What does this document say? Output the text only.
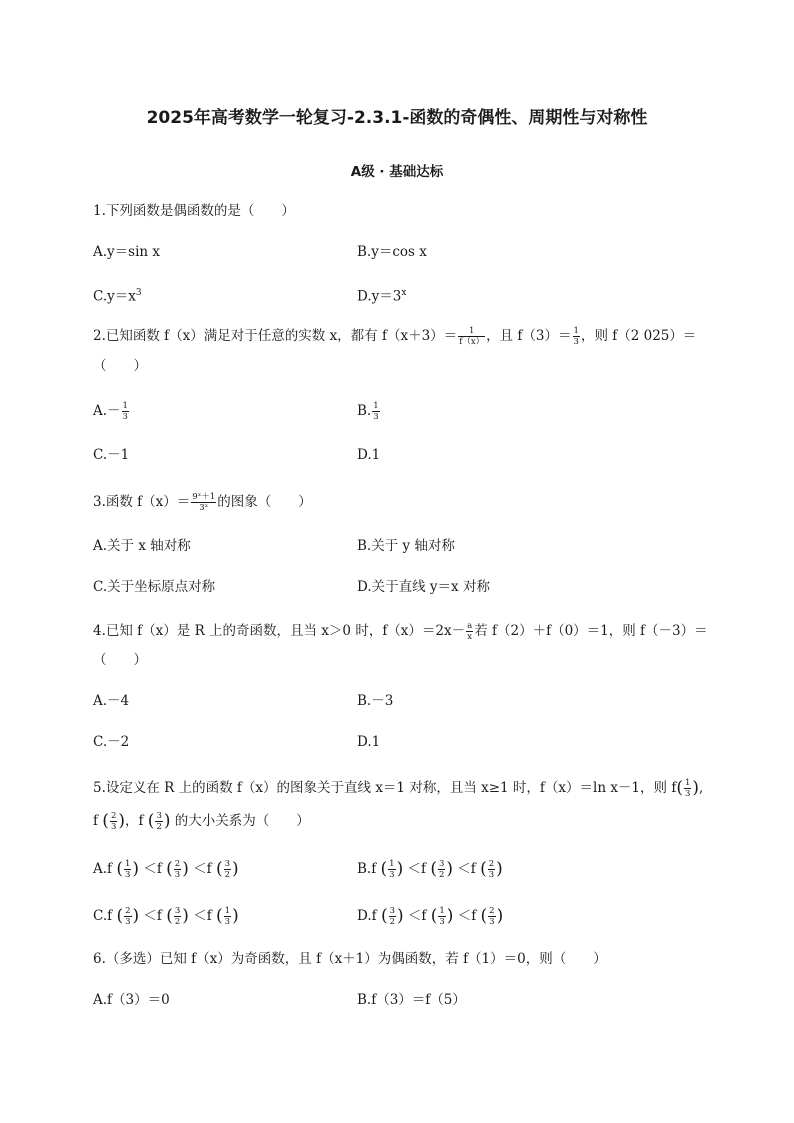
2025年高考数学一轮复习-2.3.1-函数的奇偶性、周期性与对称性
A级 · 基础达标
1.下列函数是偶函数的是（　　）
A.y＝sin x	B.y＝cos x
$C.y=x^3$	$D.y=3^x$
2.已知函数 f（x）满足对于任意的实数 x，都有 $f(x+3)= \frac{1}{f(x)}$ ，且 $f(3)= \frac{1}{3}$ ，则 f（2 025）＝
（　　）
$A.- \frac{1}{3}$	B. $\frac{1}{3}$
C.－1	D.1
3.函数 $f(x)= \frac{\text{9ˣ＋1}}{\text{3ˣ}}$ 的图象（　　）
A.关于 x 轴对称	B.关于 y 轴对称
C.关于坐标原点对称	D.关于直线 y＝x 对称
4.已知 f（x）是 R 上的奇函数，且当 x＞0 时，$f(x)=2x- \frac{a}{x}$ 若 f（2）＋f（0）＝1，则 f（－3）＝
（　　）
A.－4	B.－3
C.－2	D.1
5.设定义在 R 上的函数 f（x）的图象关于直线 x＝1 对称，且当 x≥1 时，f（x）＝ln x－1，则 $f( \frac{1}{3}$ ),
f ( $\frac{2}{3}$ )，f ( $\frac{3}{2}$ ) 的大小关系为（　　）
A.f ( $\frac{1}{3}$ ) ＜f ( $\frac{2}{3}$ ) ＜f ( $\frac{3}{2}$ )	B.f ( $\frac{1}{3}$ ) ＜f ( $\frac{3}{2}$ ) ＜f ( $\frac{2}{3}$ )
C.f ( $\frac{2}{3}$ ) ＜f ( $\frac{3}{2}$ ) ＜f ( $\frac{1}{3}$ )	D.f ( $\frac{3}{2}$ ) ＜f ( $\frac{1}{3}$ ) ＜f ( $\frac{2}{3}$ )
6.（多选）已知 f（x）为奇函数，且 f（x＋1）为偶函数，若 f（1）＝0，则（　　）
A.f（3）＝0	B.f（3）＝f（5）
